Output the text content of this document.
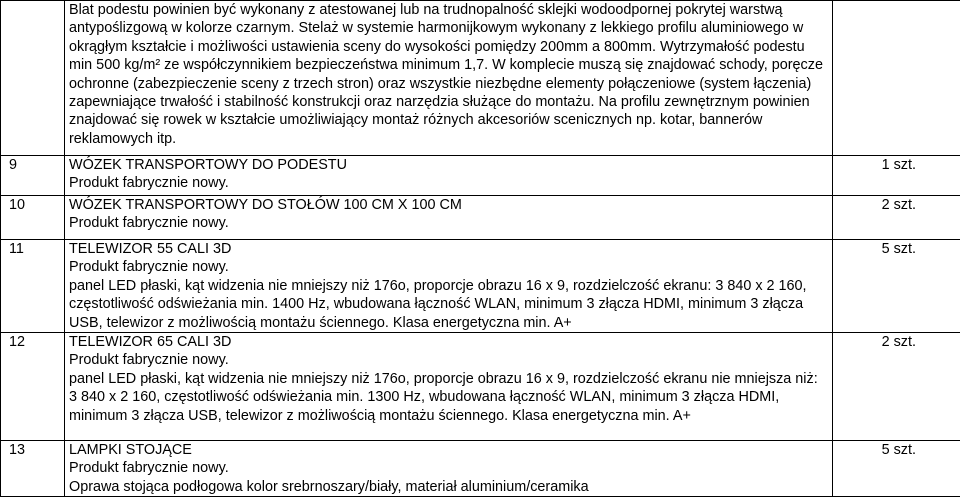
	Blat podestu powinien być wykonany z atestowanej lub na trudnopalność sklejki wodoodpornej pokrytej warstwą antypoślizgową w kolorze czarnym. Stelaż w systemie harmonijkowym wykonany z lekkiego profilu aluminiowego w okrągłym kształcie i możliwości ustawienia sceny do wysokości pomiędzy 200mm a 800mm. Wytrzymałość podestu min 500 kg/m² ze współczynnikiem bezpieczeństwa minimum 1,7. W komplecie muszą się znajdować schody, poręcze ochronne (zabezpieczenie sceny z trzech stron) oraz wszystkie niezbędne elementy połączeniowe (system łączenia) zapewniające trwałość i stabilność konstrukcji oraz narzędzia służące do montażu. Na profilu zewnętrznym powinien znajdować się rowek w kształcie umożliwiający montaż różnych akcesoriów scenicznych np. kotar, bannerów reklamowych itp.	
9	WÓZEK TRANSPORTOWY DO PODESTU
Produkt fabrycznie nowy.	1 szt.
10	WÓZEK TRANSPORTOWY DO STOŁÓW 100 CM X 100 CM
Produkt fabrycznie nowy.	2 szt.
11	TELEWIZOR 55 CALI 3D
Produkt fabrycznie nowy.
panel LED płaski, kąt widzenia nie mniejszy niż 176o, proporcje obrazu 16 x 9, rozdzielczość ekranu: 3 840 x 2 160, częstotliwość odświeżania min. 1400 Hz, wbudowana łączność WLAN, minimum 3 złącza HDMI, minimum 3 złącza USB, telewizor z możliwością montażu ściennego. Klasa energetyczna min. A+	5 szt.
12	TELEWIZOR 65 CALI 3D
Produkt fabrycznie nowy.
panel LED płaski, kąt widzenia nie mniejszy niż 176o, proporcje obrazu 16 x 9, rozdzielczość ekranu nie mniejsza niż: 3 840 x 2 160, częstotliwość odświeżania min. 1300 Hz, wbudowana łączność WLAN, minimum 3 złącza HDMI, minimum 3 złącza USB, telewizor z możliwością montażu ściennego. Klasa energetyczna min. A+	2 szt.
13	LAMPKI STOJĄCE
Produkt fabrycznie nowy.
Oprawa stojąca podłogowa kolor srebrnoszary/biały, materiał aluminium/ceramika	5 szt.
